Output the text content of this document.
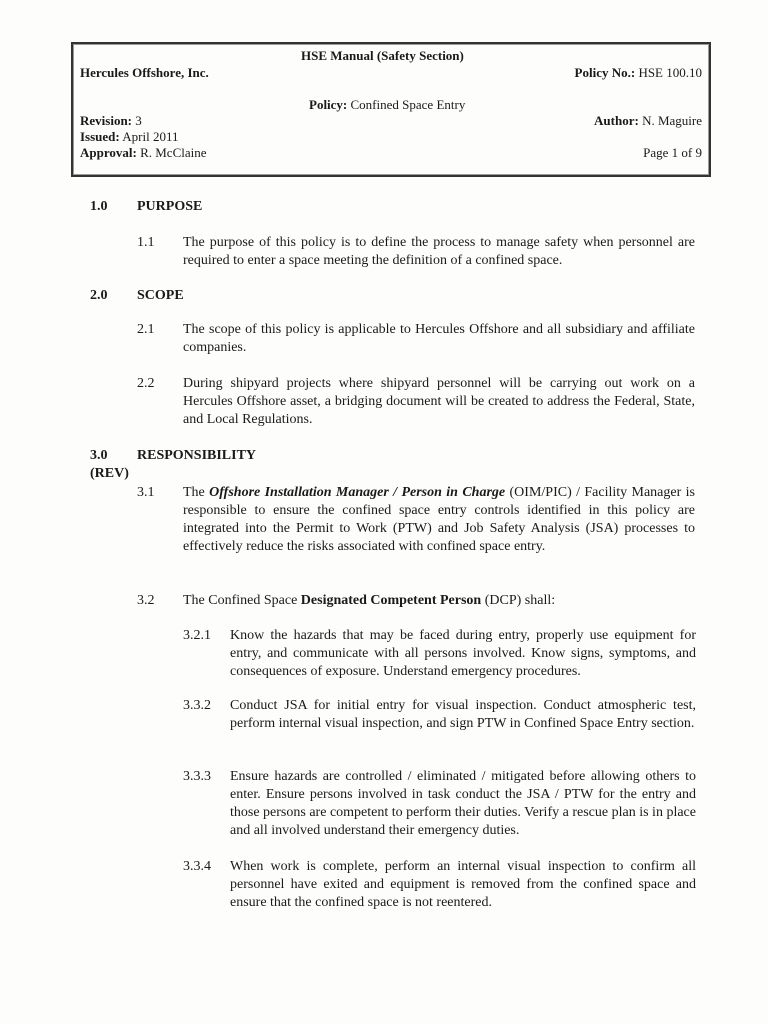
HSE Manual (Safety Section)
Hercules Offshore, Inc.	Policy No.: HSE 100.10
Policy: Confined Space Entry
Revision: 3	Author: N. Maguire
Issued: April 2011
Approval: R. McClaine	Page 1 of 9
1.0 PURPOSE
1.1 The purpose of this policy is to define the process to manage safety when personnel are required to enter a space meeting the definition of a confined space.
2.0 SCOPE
2.1 The scope of this policy is applicable to Hercules Offshore and all subsidiary and affiliate companies.
2.2 During shipyard projects where shipyard personnel will be carrying out work on a Hercules Offshore asset, a bridging document will be created to address the Federal, State, and Local Regulations.
3.0 RESPONSIBILITY
(REV)
3.1 The Offshore Installation Manager / Person in Charge (OIM/PIC) / Facility Manager is responsible to ensure the confined space entry controls identified in this policy are integrated into the Permit to Work (PTW) and Job Safety Analysis (JSA) processes to effectively reduce the risks associated with confined space entry.
3.2 The Confined Space Designated Competent Person (DCP) shall:
3.2.1 Know the hazards that may be faced during entry, properly use equipment for entry, and communicate with all persons involved. Know signs, symptoms, and consequences of exposure. Understand emergency procedures.
3.3.2 Conduct JSA for initial entry for visual inspection. Conduct atmospheric test, perform internal visual inspection, and sign PTW in Confined Space Entry section.
3.3.3 Ensure hazards are controlled / eliminated / mitigated before allowing others to enter. Ensure persons involved in task conduct the JSA / PTW for the entry and those persons are competent to perform their duties. Verify a rescue plan is in place and all involved understand their emergency duties.
3.3.4 When work is complete, perform an internal visual inspection to confirm all personnel have exited and equipment is removed from the confined space and ensure that the confined space is not reentered.
